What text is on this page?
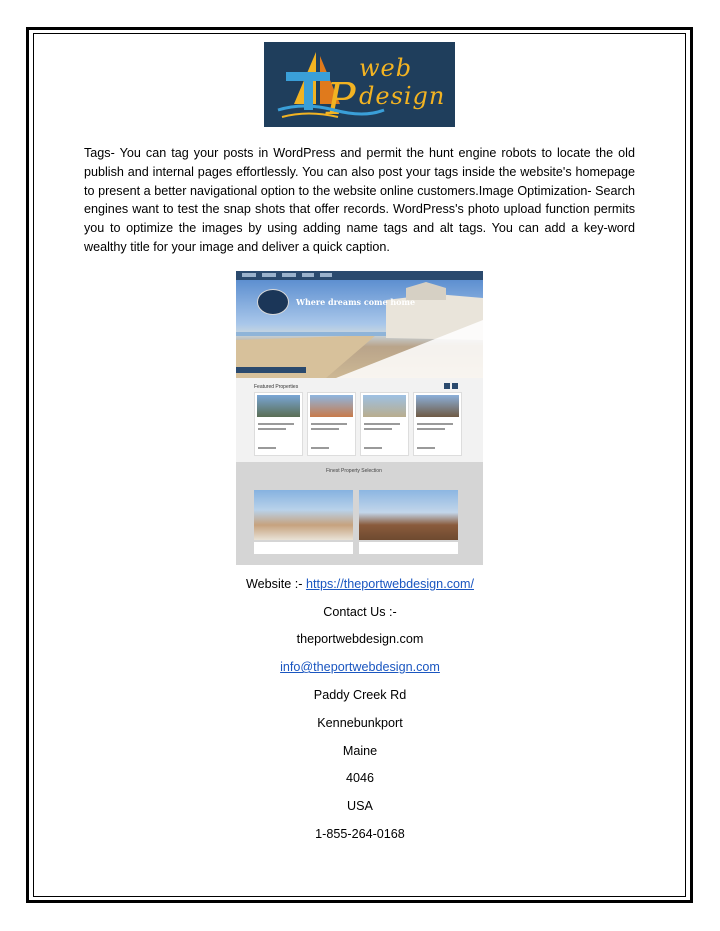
P
web
design
Tags- You can tag your posts in WordPress and permit the hunt engine robots to locate the old publish and internal pages effortlessly. You can also post your tags inside the website's homepage to present a better navigational option to the website online customers.Image Optimization- Search engines want to test the snap shots that offer records. WordPress's photo upload function permits you to optimize the images by using adding name tags and alt tags. You can add a key-word wealthy title for your image and deliver a quick caption.
Where dreams come home
Featured Properties
Finest Property Selection
Website :- https://theportwebdesign.com/
Contact Us :-
theportwebdesign.com
info@theportwebdesign.com
Paddy Creek Rd
Kennebunkport
Maine
4046
USA
1-855-264-0168
